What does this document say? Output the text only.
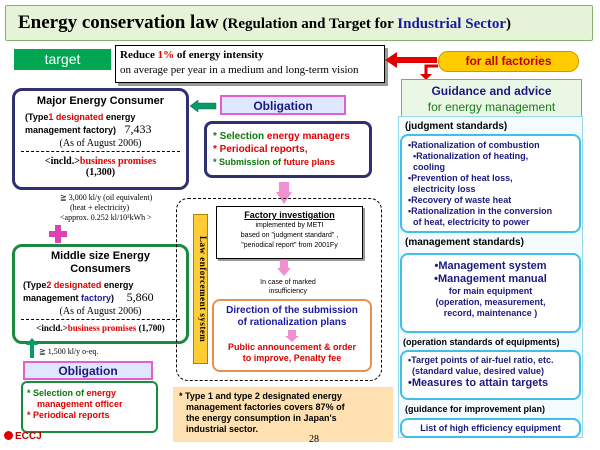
Energy conservation law (Regulation and Target for Industrial Sector)
target	Reduce 1% of energy intensity
on average per year in a medium and long-term vision
for all factories
Guidance and advice
for energy management
Major Energy Consumer
(Type1 designated energy
management factory) 7,433
(As of August 2006)
<incld.>business promises
(1,300)
Obligation
* Selection energy managers
* Periodical reports,
* Submission of future plans
≧ 3,000 kl/y (oil equivalent)
(heat + electricity)
<approx. 0.252 kl/10³kWh >
Middle size Energy
Consumers
(Type2 designated energy
management factory) 5,860
(As of August 2006)
<incld.>business promises (1,700)
≧ 1,500 kl/y o-eq.
Obligation
* Selection of energy
management officer
* Periodical reports
Law enforcement system
Factory investigation
implemented by METI
based on "judgment standard" ,
"periodical report" from 2001Fy
In case of marked
insufficiency
Direction of the submission
of rationalization plans
Public announcement & order
to improve, Penalty fee
* Type 1 and type 2 designated energy
management factories covers 87% of
the energy consumption in Japan's
industrial sector.
(judgment standards)
•Rationalization of combustion
•Rationalization of heating,
cooling
•Prevention of heat loss,
electricity loss
•Recovery of waste heat
•Rationalization in the conversion
of heat, electricity to power
(management standards)
•Management system
•Management manual
for main equipment
(operation, measurement,
record, maintenance )
(operation standards of equipments)
•Target points of air-fuel ratio, etc.
(standard value, desired value)
•Measures to attain targets
(guidance for improvement plan)
List of high efficiency equipment
ECCJ	28
